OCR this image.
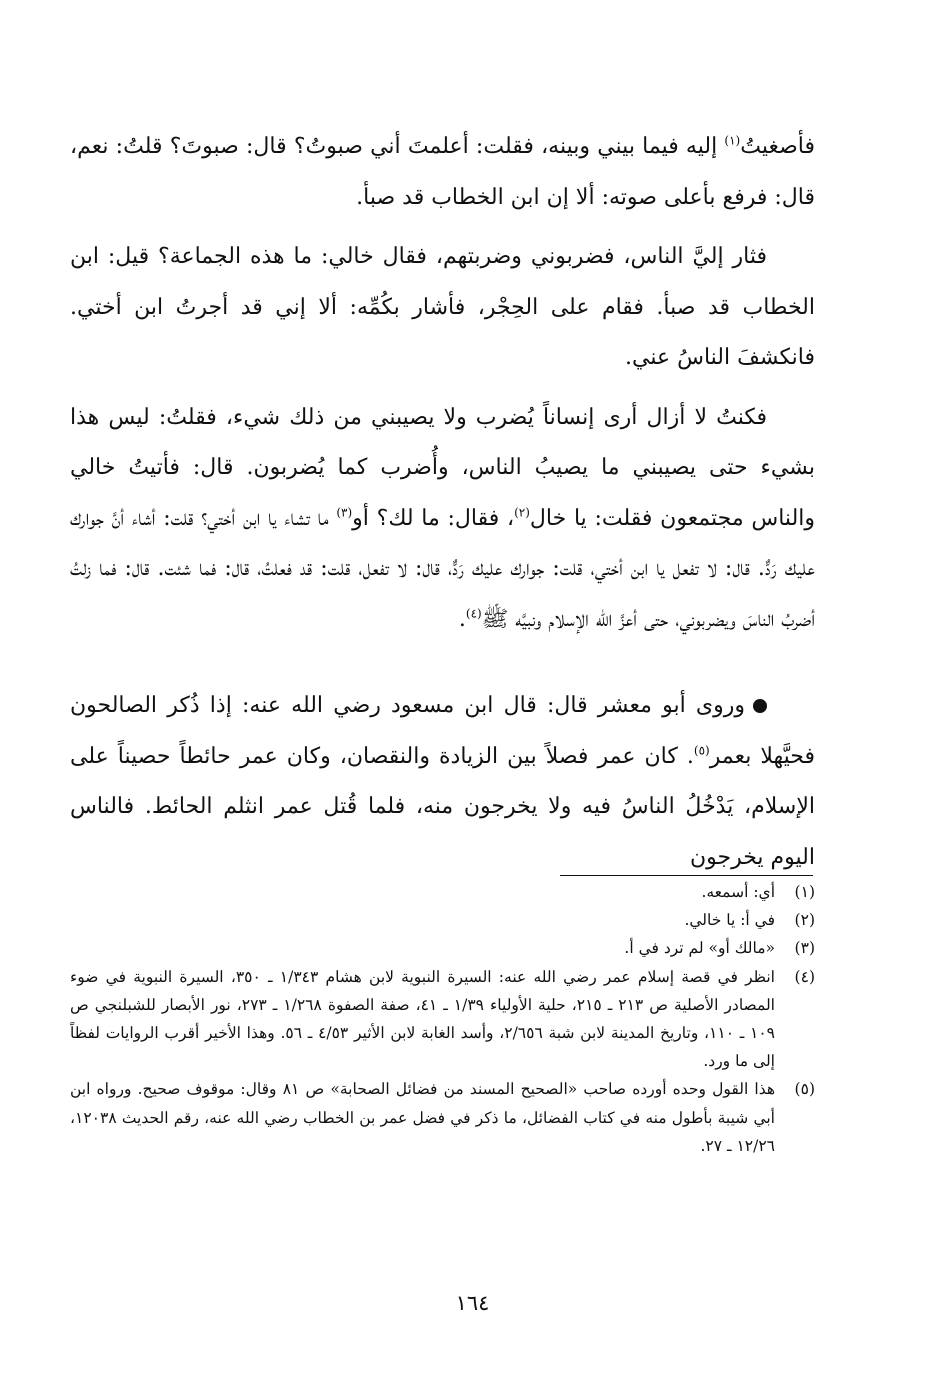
فأصغيتُ$^{(١)}$ إليه فيما بيني وبينه، فقلت: أعلمتَ أني صبوتُ؟ قال: صبوتَ؟ قلتُ: نعم، قال: فرفع بأعلى صوته: ألا إن ابن الخطاب قد صبأ.

فثار إليَّ الناس، فضربوني وضربتهم، فقال خالي: ما هذه الجماعة؟ قيل: ابن الخطاب قد صبأ. فقام على الحِجْر، فأشار بكُمِّه: ألا إني قد أجرتُ ابن أختي. فانكشفَ الناسُ عني.

فكنتُ لا أزال أرى إنساناً يُضرب ولا يصيبني من ذلك شيء، فقلتُ: ليس هذا بشيء حتى يصيبني ما يصيبُ الناس، وأُضرب كما يُضربون. قال: فأتيتُ خالي والناس مجتمعون فقلت: يا خال$^{(٢)}$، فقال: ما لك؟ أو$^{(٣)}$ ما تشاء يا ابن أختي؟ قلت: أشاء أنَّ جوارك عليك رَدٌّ. قال: لا تفعل يا ابن أختي، قلت: جوارك عليك رَدٌّ، قال: لا تفعل، قلت: قد فعلتُ، قال: فما شئت. قال: فما زلتُ أضربُ الناسَ ويضربوني، حتى أعزَّ الله الإسلام ونبيَّه ﷺ$^{(٤)}$.

وروى أبو معشر قال: قال ابن مسعود رضي الله عنه: إذا ذُكر الصالحون فحيَّهلا بعمر$^{(٥)}$. كان عمر فصلاً بين الزيادة والنقصان، وكان عمر حائطاً حصيناً على الإسلام، يَدْخُلُ الناسُ فيه ولا يخرجون منه، فلما قُتل عمر انثلم الحائط. فالناس اليوم يخرجون

(١)
أي: أسمعه.
(٢)
في أ: يا خالي.
(٣)
«مالك أو» لم ترد في أ.
(٤)
انظر في قصة إسلام عمر رضي الله عنه: السيرة النبوية لابن هشام ١/٣٤٣ ـ ٣٥٠، السيرة النبوية في ضوء المصادر الأصلية ص ٢١٣ ـ ٢١٥، حلية الأولياء ١/٣٩ ـ ٤١، صفة الصفوة ١/٢٦٨ ـ ٢٧٣، نور الأبصار للشبلنجي ص ١٠٩ ـ ١١٠، وتاريخ المدينة لابن شبة ٢/٦٥٦، وأسد الغابة لابن الأثير ٤/٥٣ ـ ٥٦. وهذا الأخير أقرب الروايات لفظاً إلى ما ورد.
(٥)
هذا القول وحده أورده صاحب «الصحيح المسند من فضائل الصحابة» ص ٨١ وقال: موقوف صحيح. ورواه ابن أبي شيبة بأطول منه في كتاب الفضائل، ما ذكر في فضل عمر بن الخطاب رضي الله عنه، رقم الحديث ١٢٠٣٨، ١٢/٢٦ ـ ٢٧.
١٦٤
